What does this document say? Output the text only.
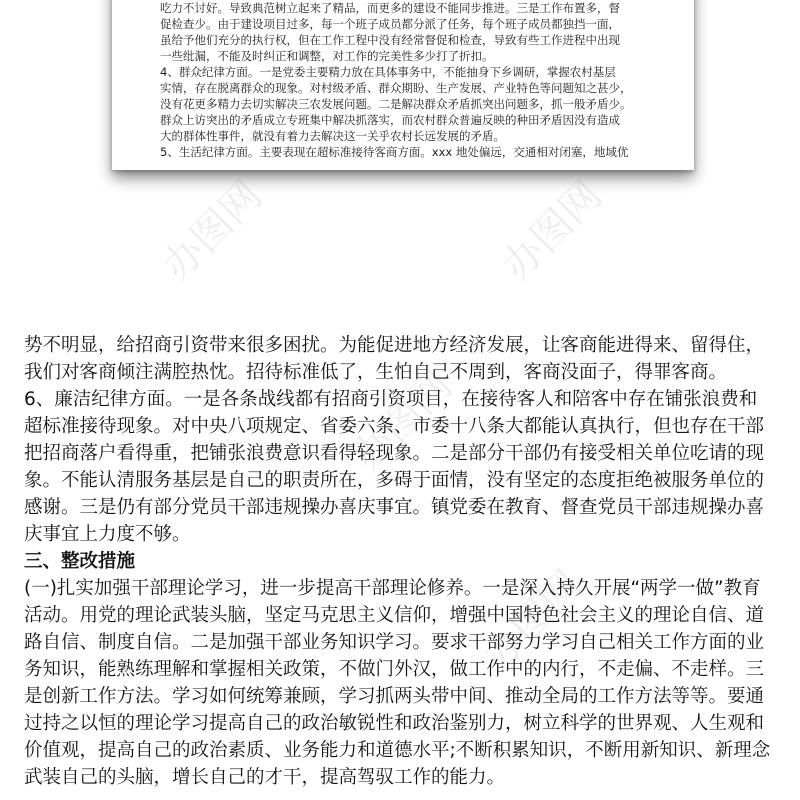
吃力不讨好。导致典范树立起来了精品，而更多的建设不能同步推进。三是工作布置多，督
促检查少。由于建设项目过多，每一个班子成员都分派了任务，每个班子成员都独挡一面，
虽给予他们充分的执行权，但在工作工程中没有经常督促和检查，导致有些工作进程中出现
一些纰漏，不能及时纠正和调整，对工作的完美性多少打了折扣。
4、群众纪律方面。一是党委主要精力放在具体事务中，不能抽身下乡调研，掌握农村基层
实情，存在脱离群众的现象。对村级矛盾、群众期盼、生产发展、产业特色等问题知之甚少，
没有花更多精力去切实解决三农发展问题。二是解决群众矛盾抓突出问题多，抓一般矛盾少。
群众上访突出的矛盾成立专班集中解决抓落实，而农村群众普遍反映的种田矛盾因没有造成
大的群体性事件，就没有着力去解决这一关乎农村长远发展的矛盾。
5、生活纪律方面。主要表现在超标准接待客商方面。xxx 地处偏远，交通相对闭塞，地域优
办图网	办图网
办图网
办图网
势不明显，给招商引资带来很多困扰。为能促进地方经济发展，让客商能进得来、留得住，
我们对客商倾注满腔热忱。招待标准低了，生怕自己不周到，客商没面子，得罪客商。
6、廉洁纪律方面。一是各条战线都有招商引资项目，在接待客人和陪客中存在铺张浪费和
超标准接待现象。对中央八项规定、省委六条、市委十八条大都能认真执行，但也存在干部
把招商落户看得重，把铺张浪费意识看得轻现象。二是部分干部仍有接受相关单位吃请的现
象。不能认清服务基层是自己的职责所在，多碍于面情，没有坚定的态度拒绝被服务单位的
感谢。三是仍有部分党员干部违规操办喜庆事宜。镇党委在教育、督查党员干部违规操办喜
庆事宜上力度不够。
三、整改措施
(一)扎实加强干部理论学习，进一步提高干部理论修养。一是深入持久开展“两学一做”教育
活动。用党的理论武装头脑，坚定马克思主义信仰，增强中国特色社会主义的理论自信、道
路自信、制度自信。二是加强干部业务知识学习。要求干部努力学习自己相关工作方面的业
务知识，能熟练理解和掌握相关政策，不做门外汉，做工作中的内行，不走偏、不走样。三
是创新工作方法。学习如何统筹兼顾，学习抓两头带中间、推动全局的工作方法等等。要通
过持之以恒的理论学习提高自己的政治敏锐性和政治鉴别力，树立科学的世界观、人生观和
价值观，提高自己的政治素质、业务能力和道德水平;不断积累知识，不断用新知识、新理念
武装自己的头脑，增长自己的才干，提高驾驭工作的能力。
